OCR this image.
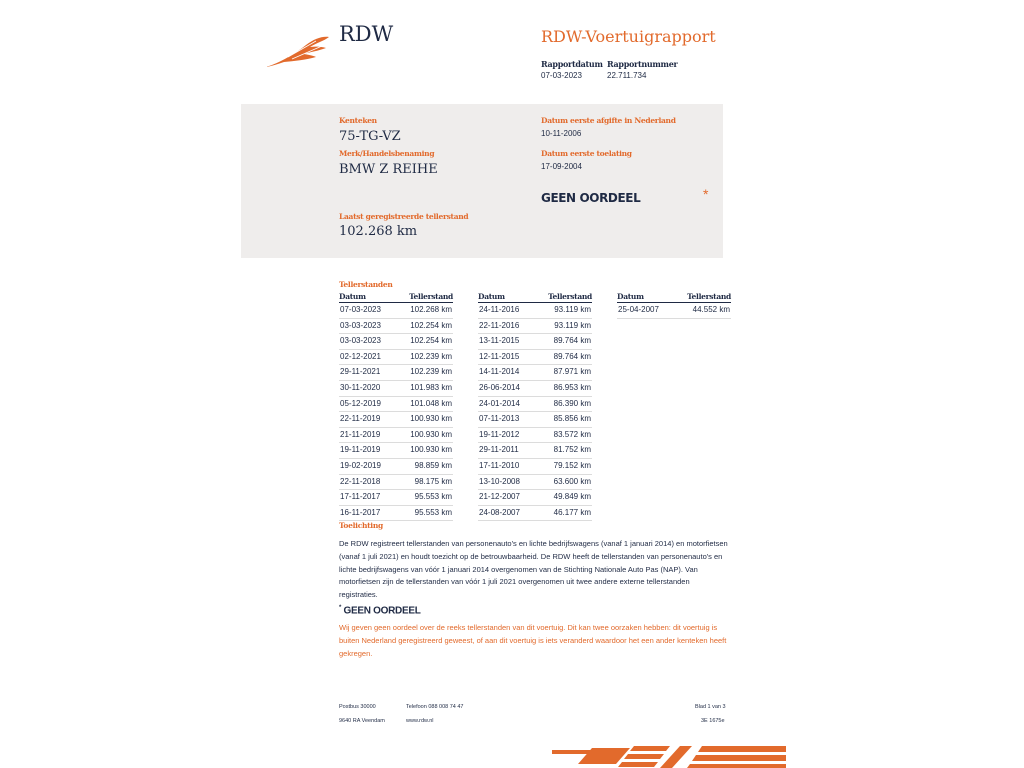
RDW	RDW-Voertuigrapport
Rapportdatum
07-03-2023
Rapportnummer
22.711.734
Kenteken
75-TG-VZ
Merk/Handelsbenaming
BMW Z REIHE
Laatst geregistreerde tellerstand
102.268 km
Datum eerste afgifte in Nederland
10-11-2006
Datum eerste toelating
17-09-2004
GEEN OORDEEL	*
Tellerstanden
Datum	Tellerstand
07-03-2023	102.268 km
03-03-2023	102.254 km
03-03-2023	102.254 km
02-12-2021	102.239 km
29-11-2021	102.239 km
30-11-2020	101.983 km
05-12-2019	101.048 km
22-11-2019	100.930 km
21-11-2019	100.930 km
19-11-2019	100.930 km
19-02-2019	98.859 km
22-11-2018	98.175 km
17-11-2017	95.553 km
16-11-2017	95.553 km
Datum	Tellerstand
24-11-2016	93.119 km
22-11-2016	93.119 km
13-11-2015	89.764 km
12-11-2015	89.764 km
14-11-2014	87.971 km
26-06-2014	86.953 km
24-01-2014	86.390 km
07-11-2013	85.856 km
19-11-2012	83.572 km
29-11-2011	81.752 km
17-11-2010	79.152 km
13-10-2008	63.600 km
21-12-2007	49.849 km
24-08-2007	46.177 km
Datum	Tellerstand
25-04-2007	44.552 km
Toelichting
De RDW registreert tellerstanden van personenauto's en lichte bedrijfswagens (vanaf 1 januari 2014) en motorfietsen (vanaf 1 juli 2021) en houdt toezicht op de betrouwbaarheid. De RDW heeft de tellerstanden van personenauto's en lichte bedrijfswagens van vóór 1 januari 2014 overgenomen van de Stichting Nationale Auto Pas (NAP). Van motorfietsen zijn de tellerstanden van vóór 1 juli 2021 overgenomen uit twee andere externe tellerstanden registraties.
* GEEN OORDEEL
Wij geven geen oordeel over de reeks tellerstanden van dit voertuig. Dit kan twee oorzaken hebben: dit voertuig is buiten Nederland geregistreerd geweest, of aan dit voertuig is iets veranderd waardoor het een ander kenteken heeft gekregen.
Postbus 30000
9640 RA Veendam
Telefoon 088 008 74 47
www.rdw.nl
Blad 1 van 3
3E 1675e
